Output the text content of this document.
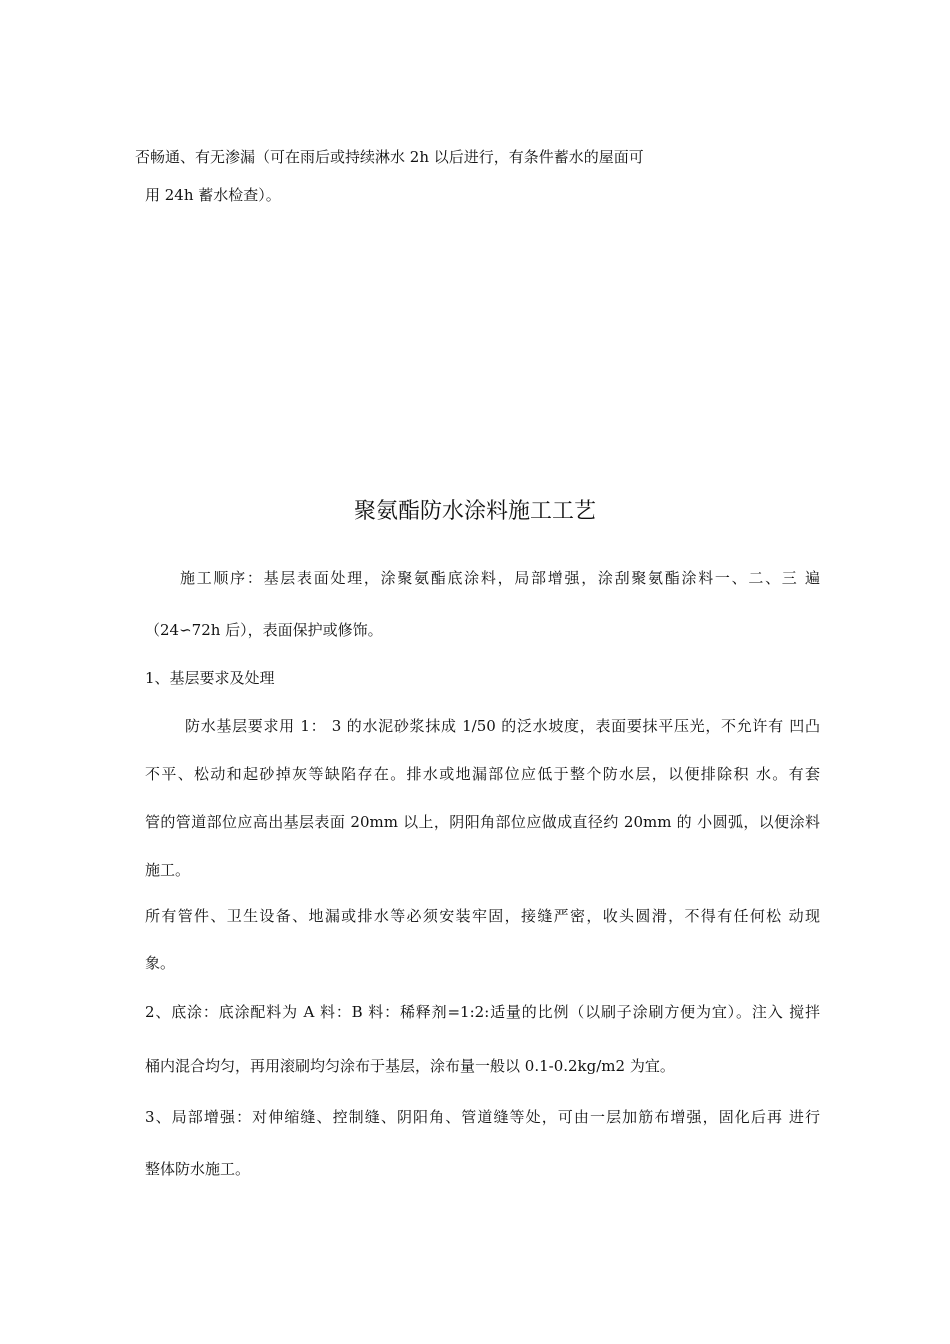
否畅通、有无渗漏（可在雨后或持续淋水 2h 以后进行，有条件蓄水的屋面可
用 24h 蓄水检查）。
聚氨酯防水涂料施工工艺
施工顺序：基层表面处理，涂聚氨酯底涂料，局部增强，涂刮聚氨酯涂料一、二、三 遍
（24∽72h 后），表面保护或修饰。
1、基层要求及处理
防水基层要求用 1： 3 的水泥砂浆抹成 1/50 的泛水坡度，表面要抹平压光，不允许有 凹凸
不平、松动和起砂掉灰等缺陷存在。排水或地漏部位应低于整个防水层，以便排除积 水。有套
管的管道部位应高出基层表面 20mm 以上，阴阳角部位应做成直径约 20mm 的 小圆弧，以便涂料
施工。
所有管件、卫生设备、地漏或排水等必须安装牢固，接缝严密，收头圆滑，不得有任何松 动现
象。
2、底涂：底涂配料为 A 料：B 料：稀释剂=1:2:适量的比例（以刷子涂刷方便为宜）。注入 搅拌
桶内混合均匀，再用滚刷均匀涂布于基层，涂布量一般以 0.1-0.2kg/m2 为宜。
3、局部增强：对伸缩缝、控制缝、阴阳角、管道缝等处，可由一层加筋布增强，固化后再 进行
整体防水施工。
